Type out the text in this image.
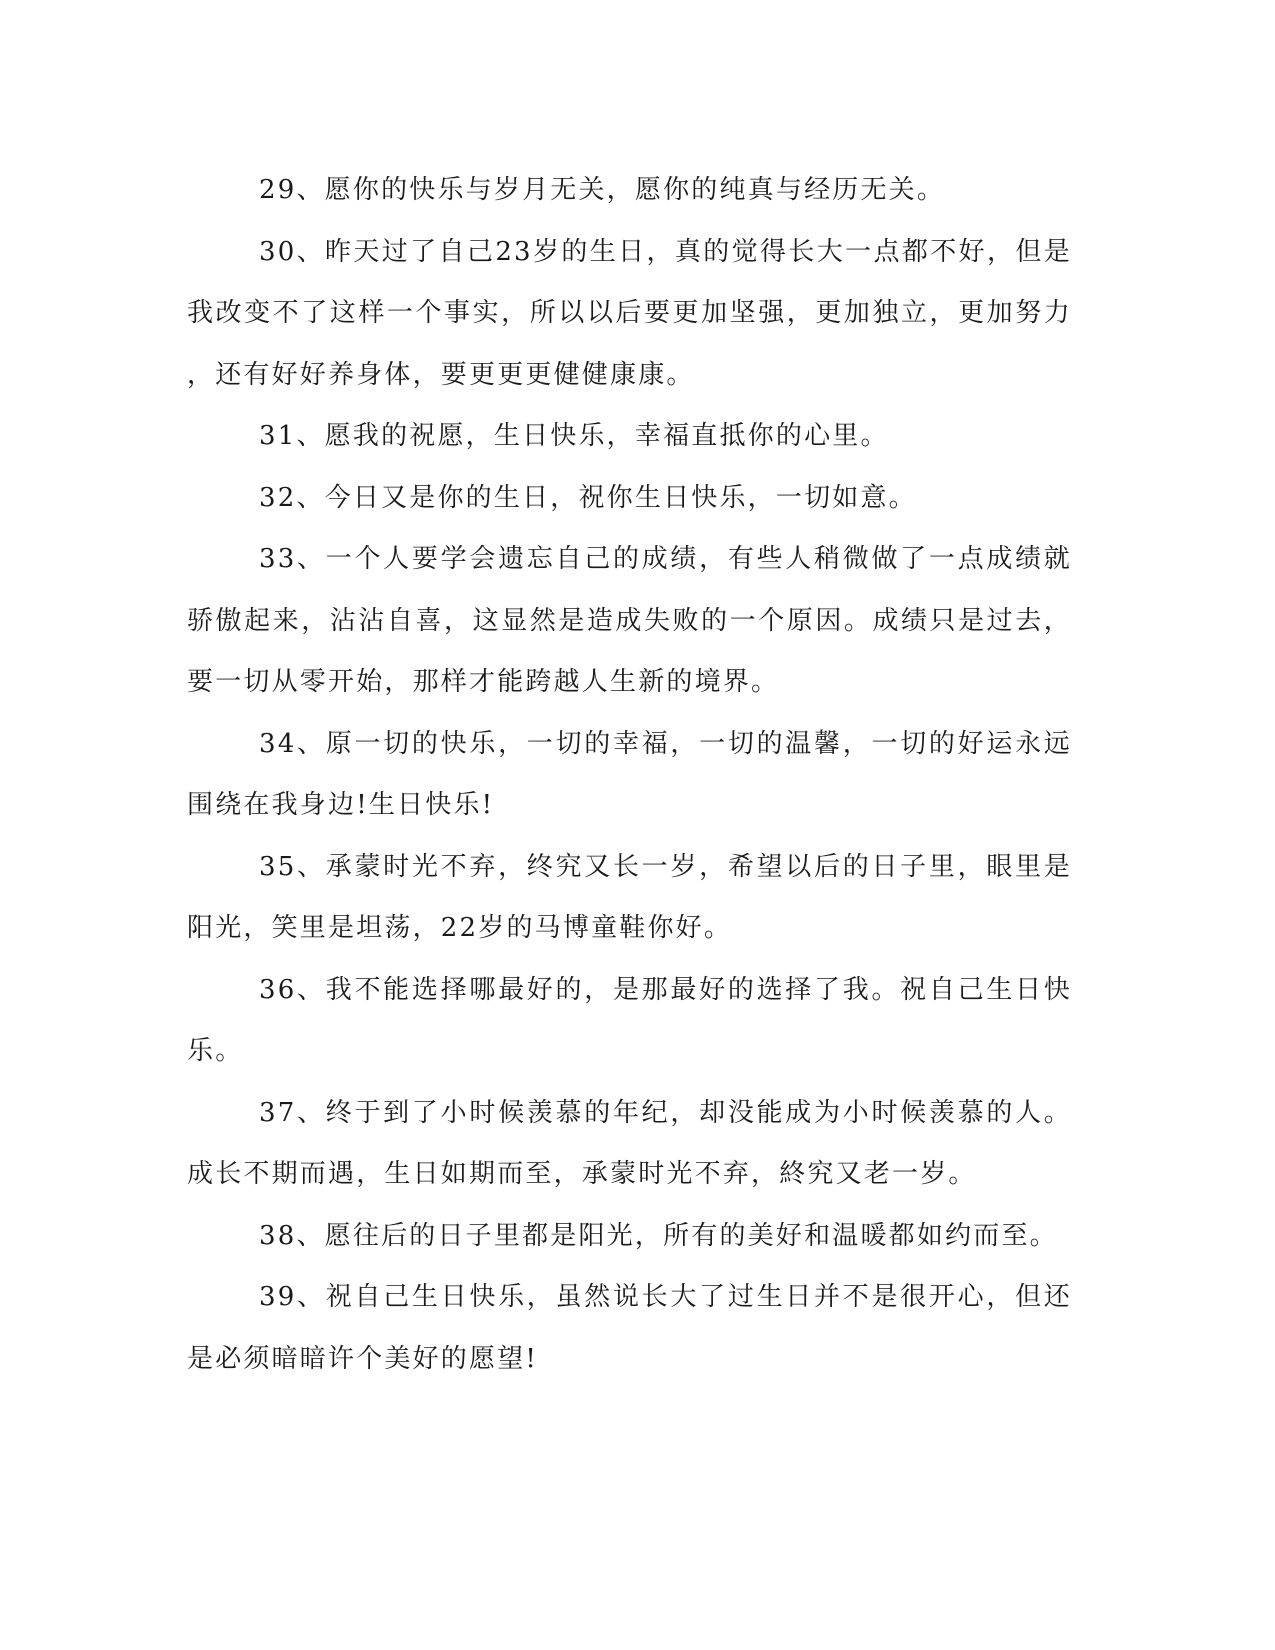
29、愿你的快乐与岁月无关，愿你的纯真与经历无关。

30、昨天过了自己23岁的生日，真的觉得长大一点都不好，但是我改变不了这样一个事实，所以以后要更加坚强，更加独立，更加努力，还有好好养身体，要更更更健健康康。

31、愿我的祝愿，生日快乐，幸福直抵你的心里。

32、今日又是你的生日，祝你生日快乐，一切如意。

33、一个人要学会遗忘自己的成绩，有些人稍微做了一点成绩就骄傲起来，沾沾自喜，这显然是造成失败的一个原因。成绩只是过去，要一切从零开始，那样才能跨越人生新的境界。

34、原一切的快乐，一切的幸福，一切的温馨，一切的好运永远围绕在我身边!生日快乐!

35、承蒙时光不弃，终究又长一岁，希望以后的日子里，眼里是阳光，笑里是坦荡，22岁的马博童鞋你好。

36、我不能选择哪最好的，是那最好的选择了我。祝自己生日快乐。

37、终于到了小时候羡慕的年纪，却没能成为小时候羡慕的人。成长不期而遇，生日如期而至，承蒙时光不弃，終究又老一岁。

38、愿往后的日子里都是阳光，所有的美好和温暖都如约而至。

39、祝自己生日快乐，虽然说长大了过生日并不是很开心，但还是必须暗暗许个美好的愿望!
